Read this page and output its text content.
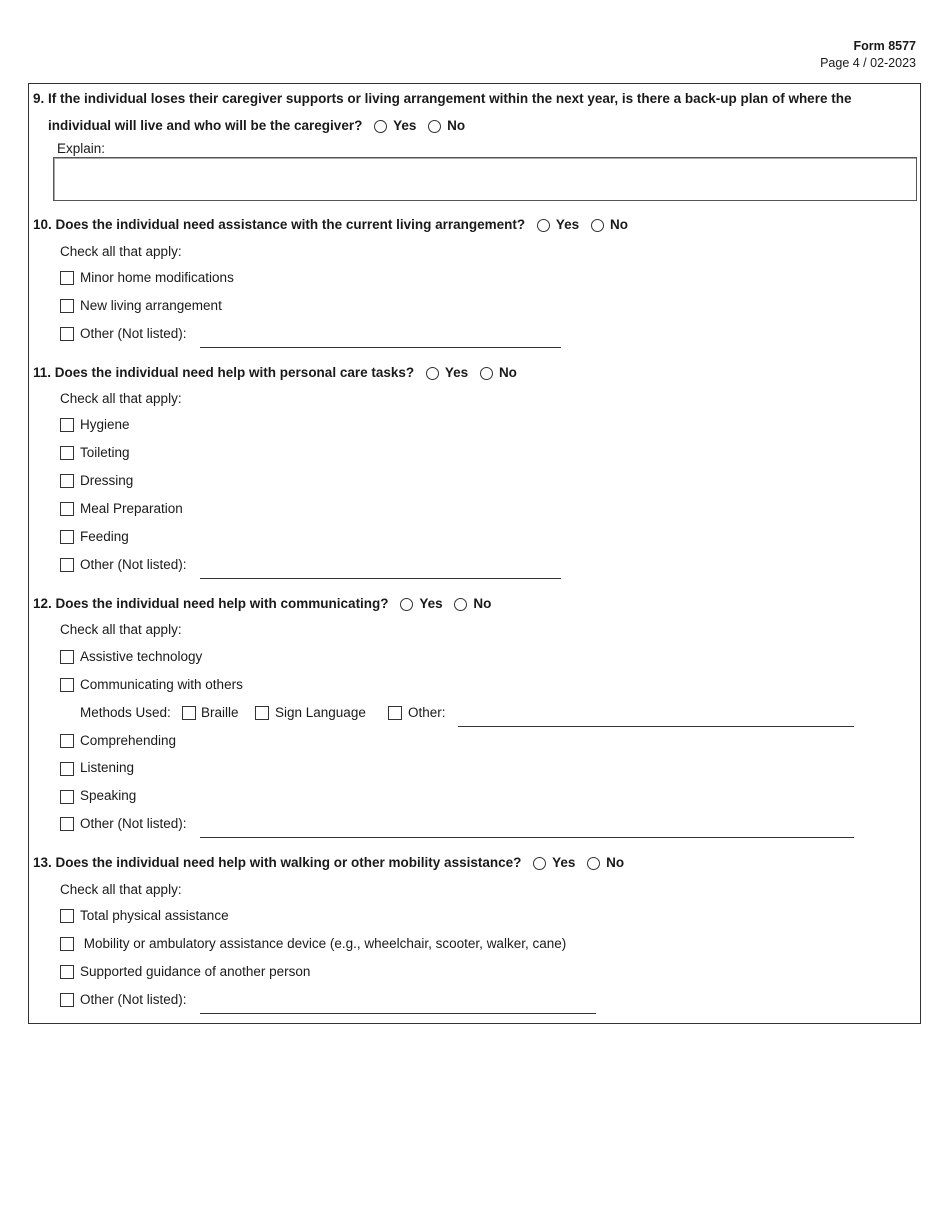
Form 8577
Page 4 / 02-2023
9. If the individual loses their caregiver supports or living arrangement within the next year, is there a back-up plan of where the
individual will live and who will be the caregiver? Yes No
Explain:
10. Does the individual need assistance with the current living arrangement? Yes No
Check all that apply:
Minor home modifications
New living arrangement
Other (Not listed):
11. Does the individual need help with personal care tasks? Yes No
Check all that apply:
Hygiene
Toileting
Dressing
Meal Preparation
Feeding
Other (Not listed):
12. Does the individual need help with communicating? Yes No
Check all that apply:
Assistive technology
Communicating with others
Methods Used: Braille	Sign Language	Other:
Comprehending
Listening
Speaking
Other (Not listed):
13. Does the individual need help with walking or other mobility assistance? Yes No
Check all that apply:
Total physical assistance
Mobility or ambulatory assistance device (e.g., wheelchair, scooter, walker, cane)
Supported guidance of another person
Other (Not listed):
